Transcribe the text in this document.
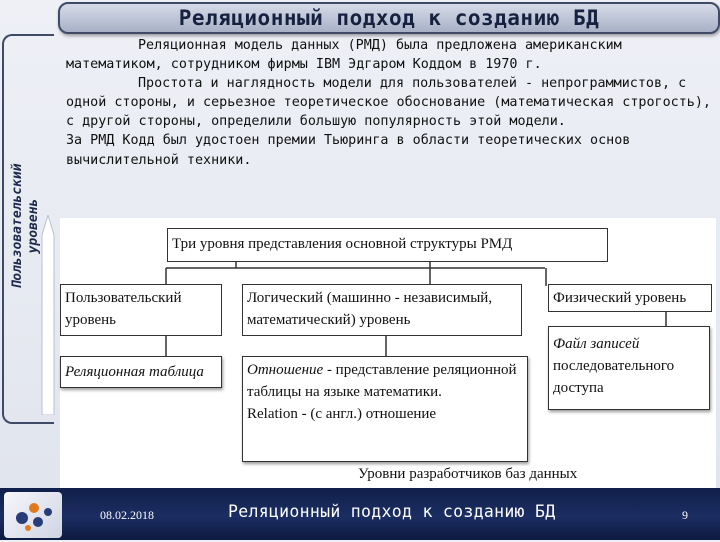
Реляционный подход к созданию БД
Пользовательский уровень

Реляционная модель данных (РМД) была предложена американским математиком, сотрудником фирмы IBM Эдгаром Коддом в 1970 г.

Простота и наглядность модели для пользователей - непрограммистов, с одной стороны, и серьезное теоретическое обоснование (математическая строгость), с другой стороны, определили большую популярность этой модели.

За РМД Кодд был удостоен премии Тьюринга в области теоретических основ вычислительной техники.

Три уровня представления основной структуры РМД
Пользовательский уровень
Логический (машинно - независимый, математический) уровень
Физический уровень
Реляционная таблица	Отношение - представление реляционной таблицы на языке математики.
Relation - (с англ.) отношение
Файл записей
последовательного доступа
Уровни разработчиков баз данных
08.02.2018	Реляционный подход к созданию БД	9
